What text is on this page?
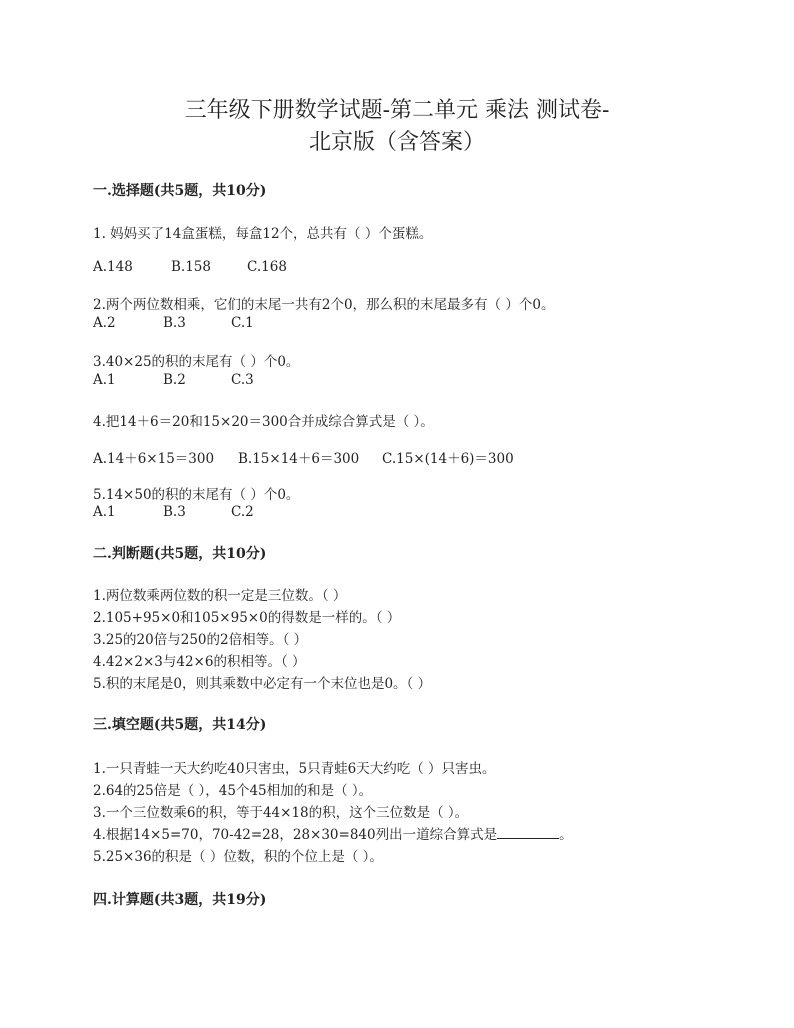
三年级下册数学试题-第二单元 乘法 测试卷-
北京版（含答案）
一.选择题(共5题，共10分)
1. 妈妈买了14盒蛋糕，每盒12个，总共有（ ）个蛋糕。
A.148	B.158	C.168
2.两个两位数相乘，它们的末尾一共有2个0，那么积的末尾最多有（ ）个0。
A.2	B.3	C.1
3.40×25的积的末尾有（ ）个0。
A.1	B.2	C.3
4.把14＋6＝20和15×20＝300合并成综合算式是（ ）。
A.14＋6×15＝300 B.15×14＋6＝300 C.15×(14＋6)＝300
5.14×50的积的末尾有（ ）个0。
A.1	B.3	C.2
二.判断题(共5题，共10分)
1.两位数乘两位数的积一定是三位数。（ ）
2.105+95×0和105×95×0的得数是一样的。（ ）
3.25的20倍与250的2倍相等。（ ）
4.42×2×3与42×6的积相等。（ ）
5.积的末尾是0，则其乘数中必定有一个末位也是0。（ ）
三.填空题(共5题，共14分)
1.一只青蛙一天大约吃40只害虫，5只青蛙6天大约吃（ ）只害虫。
2.64的25倍是（ ），45个45相加的和是（ ）。
3.一个三位数乘6的积，等于44×18的积，这个三位数是（ ）。
4.根据14×5=70，70-42=28，28×30=840列出一道综合算式是	。
5.25×36的积是（ ）位数，积的个位上是（ ）。
四.计算题(共3题，共19分)
